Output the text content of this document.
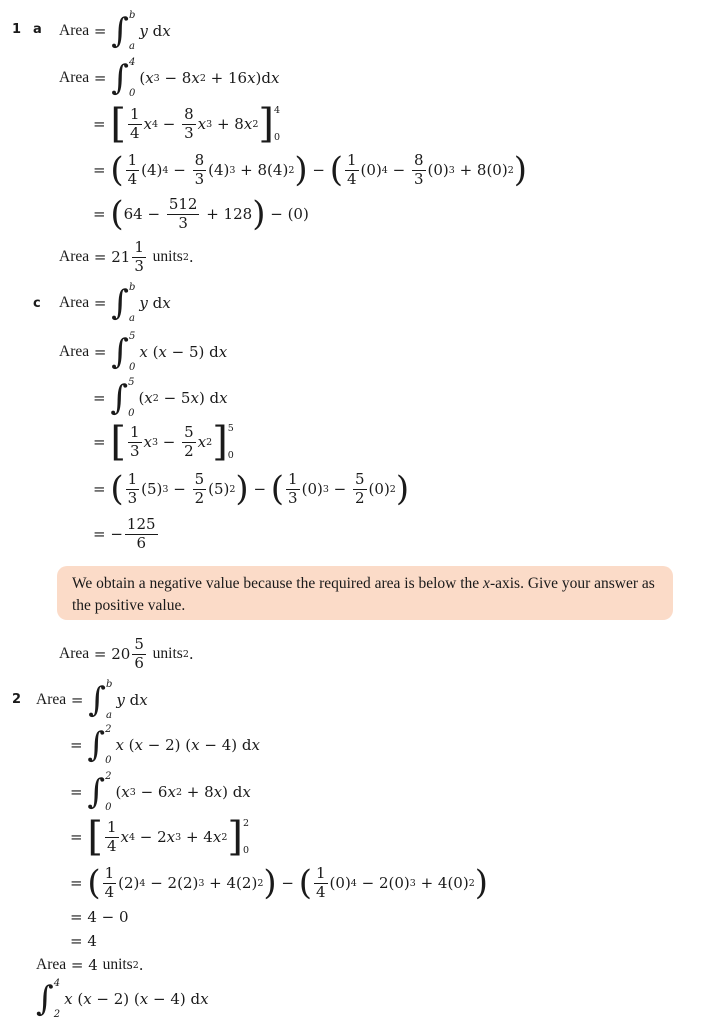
1 a Area = ∫ b
a
y d x
Area = ∫ 4
0
( x 3 − 8 x 2 + 16 x )d x
= [ $\frac{1}{4}$ x $4 - \frac{8}{3}$ x 3 + 8 x 2 ] 4
0
= ( $\frac{1}{4} (4) 4 - \frac{8}{3} (4) 3 + 8(4)$ 2 ) − ( $\frac{1}{4} (0) 4 - \frac{8}{3} (0) 3 + 8(0)$ 2 )
= ( $64 - \frac{512}{3} + 128$ ) − (0)
Area = $21 \frac{1}{3}$
units 2 .
c Area = ∫ b
a
y d x
Area = ∫ 5
0
x ( x − 5) d x
= ∫ 5
0
( x 2 − 5 x ) d x
= [ $\frac{1}{3}$ x $3 - \frac{5}{2}$ x 2 ] 5
0
= ( $\frac{1}{3} (5) 3 - \frac{5}{2} (5)$ 2 ) − ( $\frac{1}{3} (0) 3 - \frac{5}{2} (0)$ 2 )
= − $\frac{125}{6}$
We obtain a negative value because the required area is below the x-axis. Give your answer as the positive value.
Area = $20 \frac{5}{6}$
units 2 .
2 Area = ∫ b
a
y d x
= ∫ 2
0
x ( x − 2) ( x − 4) d x
= ∫ 2
0
( x 3 − 6 x 2 + 8 x ) d x
= [ $\frac{1}{4}$ x 4 − 2 x 3 + 4 x 2 ] 2
0
= ( $\frac{1}{4} (2) 4 - 2(2) 3 + 4(2)$ 2 ) − ( $\frac{1}{4} (0) 4 - 2(0) 3 + 4(0)$ 2 )
= 4 − 0
= 4
Area = 4
units 2 .
∫ 4
2
x ( x − 2) ( x − 4) d x
